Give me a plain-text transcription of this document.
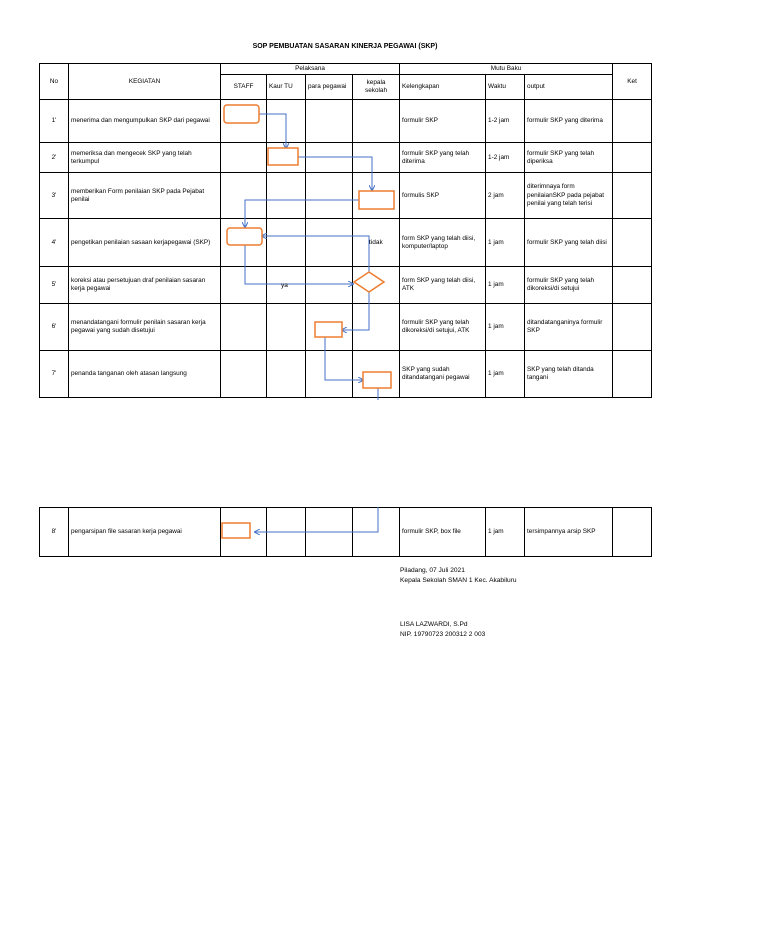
SOP PEMBUATAN SASARAN KINERJA PEGAWAI (SKP)
No	KEGIATAN	Pelaksana				Mutu Baku			Ket
		STAFF	Kaur TU	para pegawai	kepala sekolah	Kelengkapan	Waktu	output	
1'	menerima dan mengumpulkan SKP dari pegawai					formulir SKP	1-2 jam	formulir SKP yang diterima	
2'	memeriksa dan mengecek SKP yang telah terkumpul					formulir SKP yang telah diterima	1-2 jam	formulir SKP yang telah diperiksa	
3'	memberikan Form penilaian SKP pada Pejabat penilai					formulis SKP	2 jam	diterimnaya form penilaianSKP pada pejabat penilai yang telah terisi	
4'	pengetikan penilaian sasaan kerjapegawai (SKP)					form SKP yang telah diisi, komputer/laptop	1 jam	formulir SKP yang telah diisi	
5'	koreksi atau persetujuan draf penilaian sasaran kerja pegawai					form SKP yang telah diisi, ATK	1 jam	formulir SKP yang telah dikoreksi/di setujui	
6'	menandatangani formulir penilain sasaran kerja pegawai yang sudah disetujui					formulir SKP yang telah dikoreksi/di setujui, ATK	1 jam	ditandatanganinya formulir SKP	
7'	penanda tanganan oleh atasan langsung					SKP yang sudah ditandatangani pegawai	1 jam	SKP yang telah ditanda tangani	
8'	pengarsipan file sasaran kerja pegawai					formulir SKP, box file	1 jam	tersimpannya arsip SKP	
tidak
ya
Piladang, 07 Juli 2021
Kepala Sekolah SMAN 1 Kec. Akabiluru
LISA LAZWARDI, S.Pd
NIP. 19790723 200312 2 003
